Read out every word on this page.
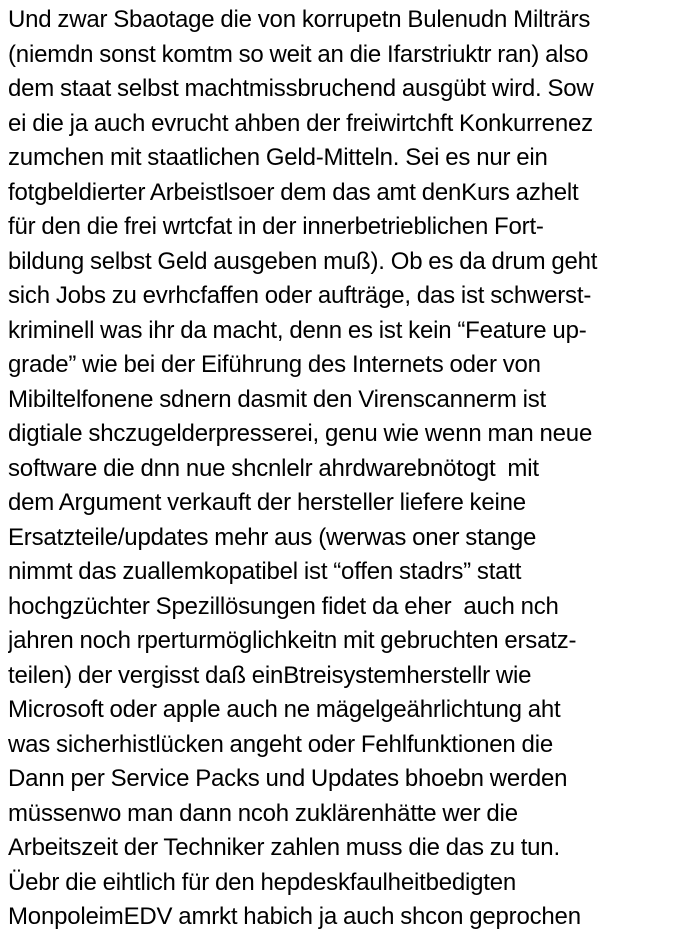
Und zwar Sbaotage die von korrupetn Bulenudn Milträrs
(niemdn sonst komtm so weit an die Ifarstriuktr ran) also
dem staat selbst machtmissbruchend ausgübt wird. Sow
ei die ja auch evrucht ahben der freiwirtchft Konkurrenez
zumchen mit staatlichen Geld-Mitteln. Sei es nur ein
fotgbeldierter Arbeistlsoer dem das amt denKurs azhelt
für den die frei wrtcfat in der innerbetrieblichen Fort-
bildung selbst Geld ausgeben muß). Ob es da drum geht
sich Jobs zu evrhcfaffen oder aufträge, das ist schwerst-
kriminell was ihr da macht, denn es ist kein “Feature up-
grade” wie bei der Eiführung des Internets oder von
Mibiltelfonene sdnern dasmit den Virenscannerm ist
digtiale shczugelderpresserei, genu wie wenn man neue
software die dnn nue shcnlelr ahrdwarebnötogt  mit
dem Argument verkauft der hersteller liefere keine
Ersatzteile/updates mehr aus (werwas oner stange
nimmt das zuallemkopatibel ist “offen stadrs” statt
hochgzüchter Spezillösungen fidet da eher  auch nch
jahren noch rperturmöglichkeitn mit gebruchten ersatz-
teilen) der vergisst daß einBtreisystemherstellr wie
Microsoft oder apple auch ne mägelgeährlichtung aht
was sicherhistlücken angeht oder Fehlfunktionen die
Dann per Service Packs und Updates bhoebn werden
müssenwo man dann ncoh zuklärenhätte wer die
Arbeitszeit der Techniker zahlen muss die das zu tun.
Üebr die eihtlich für den hepdeskfaulheitbedigten
MonpoleimEDV amrkt habich ja auch shcon geprochen
